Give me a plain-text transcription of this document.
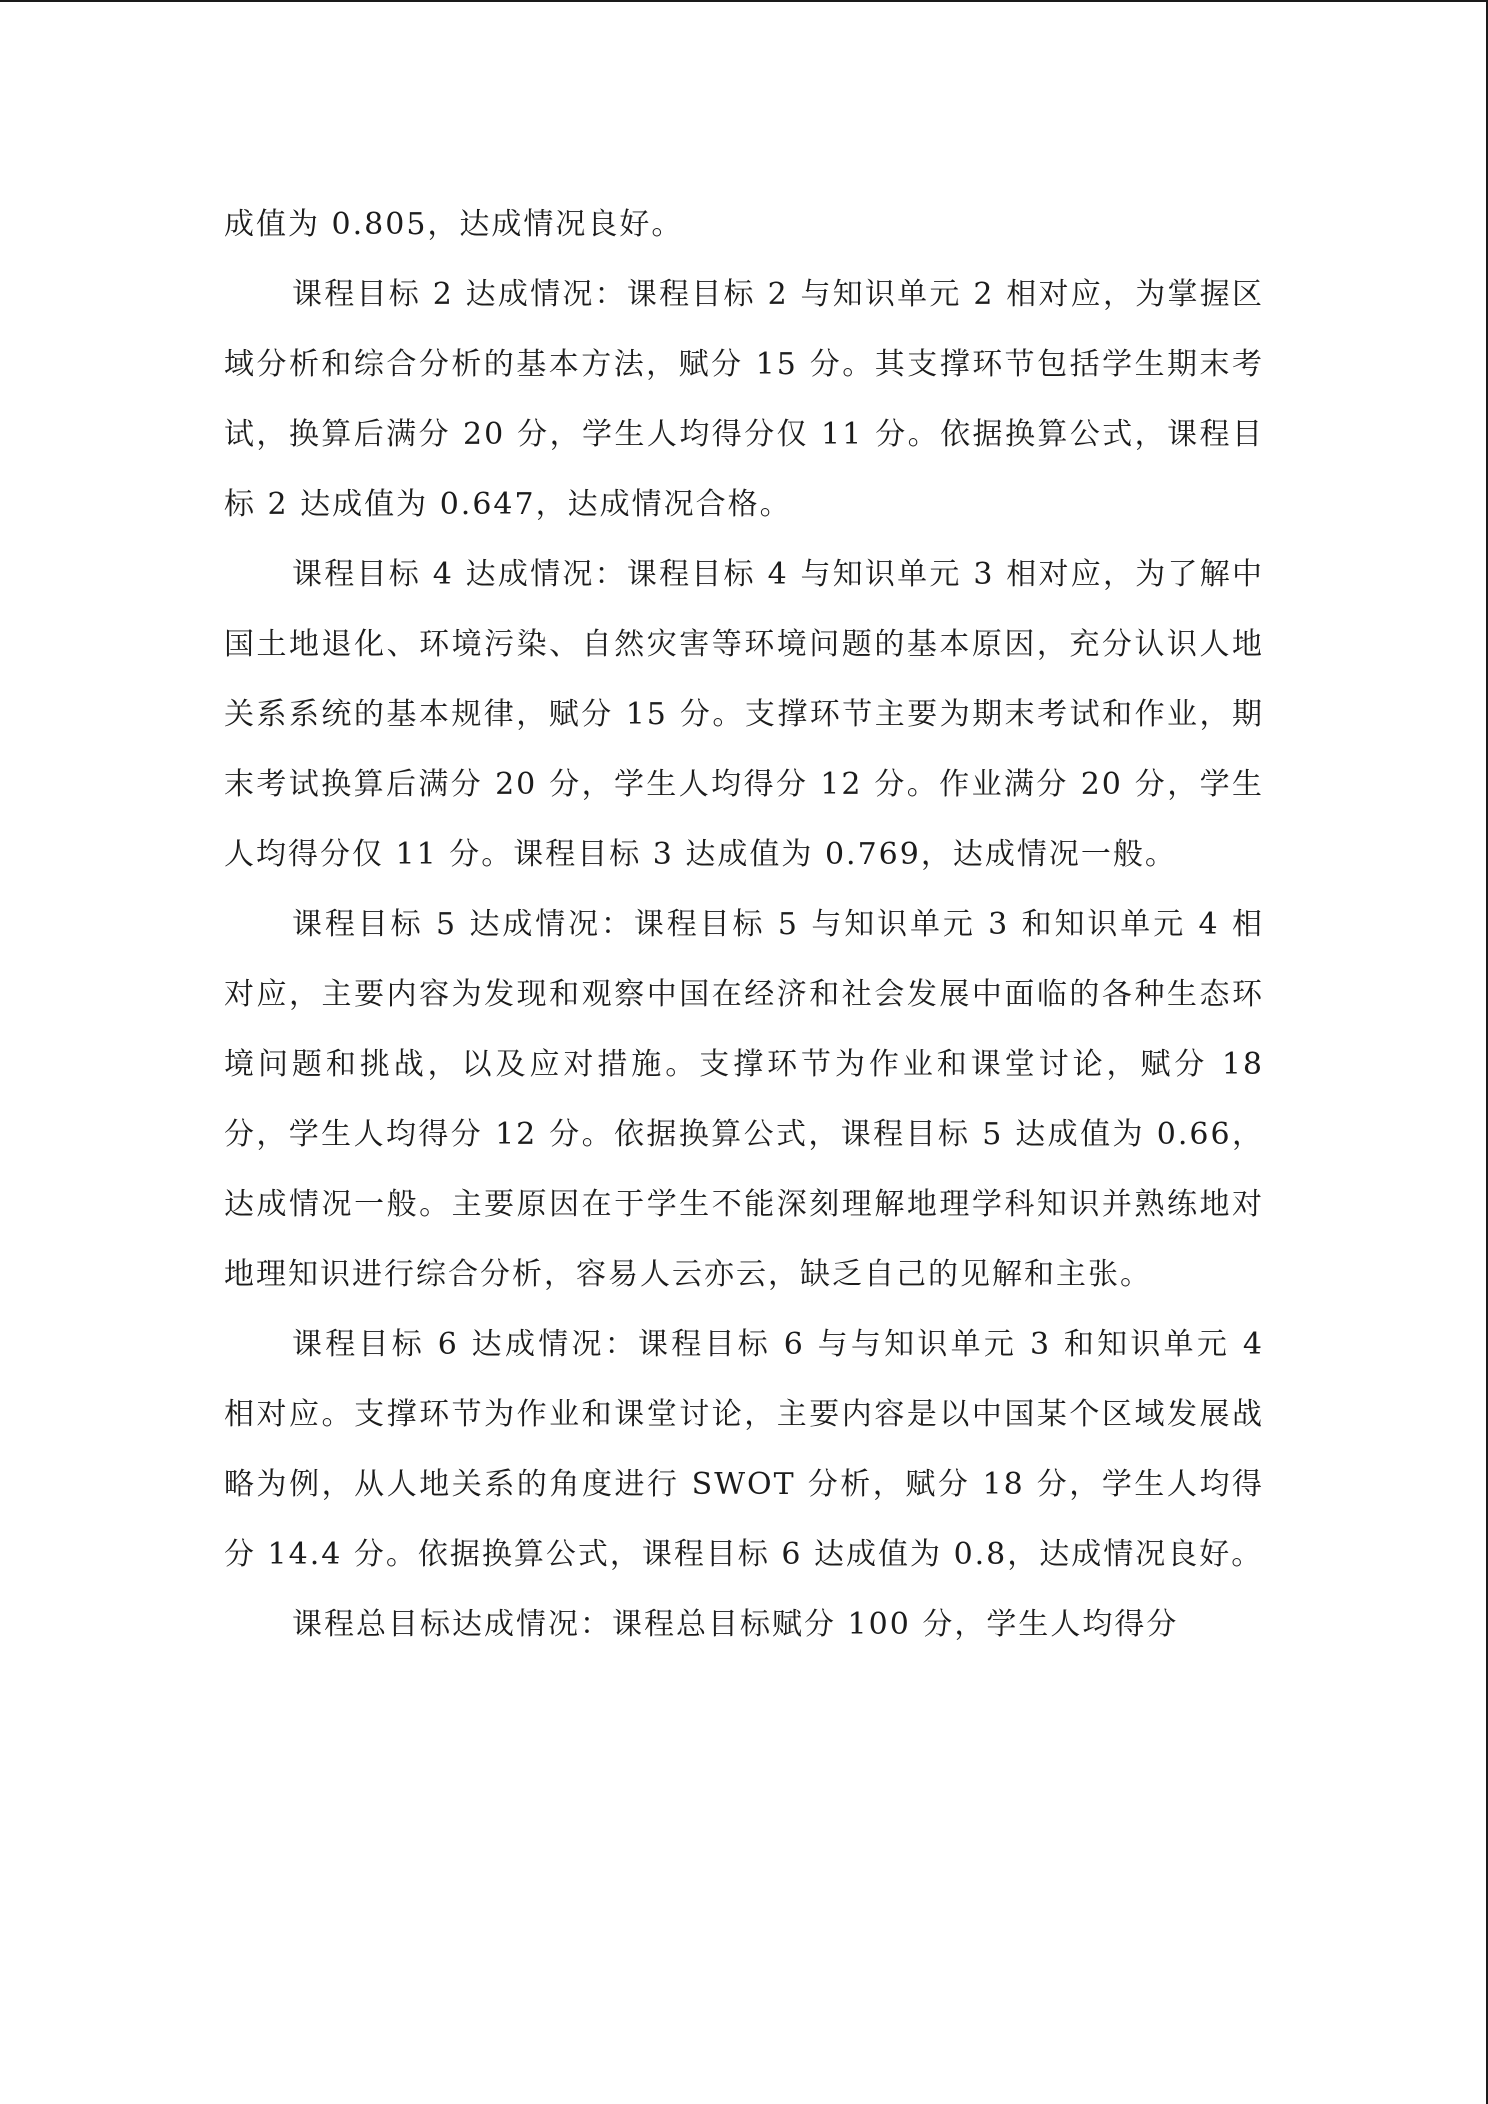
成值为 0.805，达成情况良好。

课程目标 2 达成情况：课程目标 2 与知识单元 2 相对应，为掌握区域分析和综合分析的基本方法，赋分 15 分。其支撑环节包括学生期末考试，换算后满分 20 分，学生人均得分仅 11 分。依据换算公式，课程目标 2 达成值为 0.647，达成情况合格。

课程目标 4 达成情况：课程目标 4 与知识单元 3 相对应，为了解中国土地退化、环境污染、自然灾害等环境问题的基本原因，充分认识人地关系系统的基本规律，赋分 15 分。支撑环节主要为期末考试和作业，期末考试换算后满分 20 分，学生人均得分 12 分。作业满分 20 分，学生人均得分仅 11 分。课程目标 3 达成值为 0.769，达成情况一般。

课程目标 5 达成情况：课程目标 5 与知识单元 3 和知识单元 4 相对应，主要内容为发现和观察中国在经济和社会发展中面临的各种生态环境问题和挑战，以及应对措施。支撑环节为作业和课堂讨论，赋分 18 分，学生人均得分 12 分。依据换算公式，课程目标 5 达成值为 0.66，达成情况一般。主要原因在于学生不能深刻理解地理学科知识并熟练地对地理知识进行综合分析，容易人云亦云，缺乏自己的见解和主张。

课程目标 6 达成情况：课程目标 6 与与知识单元 3 和知识单元 4 相对应。支撑环节为作业和课堂讨论，主要内容是以中国某个区域发展战略为例，从人地关系的角度进行 SWOT 分析，赋分 18 分，学生人均得分 14.4 分。依据换算公式，课程目标 6 达成值为 0.8，达成情况良好。

课程总目标达成情况：课程总目标赋分 100 分，学生人均得分
